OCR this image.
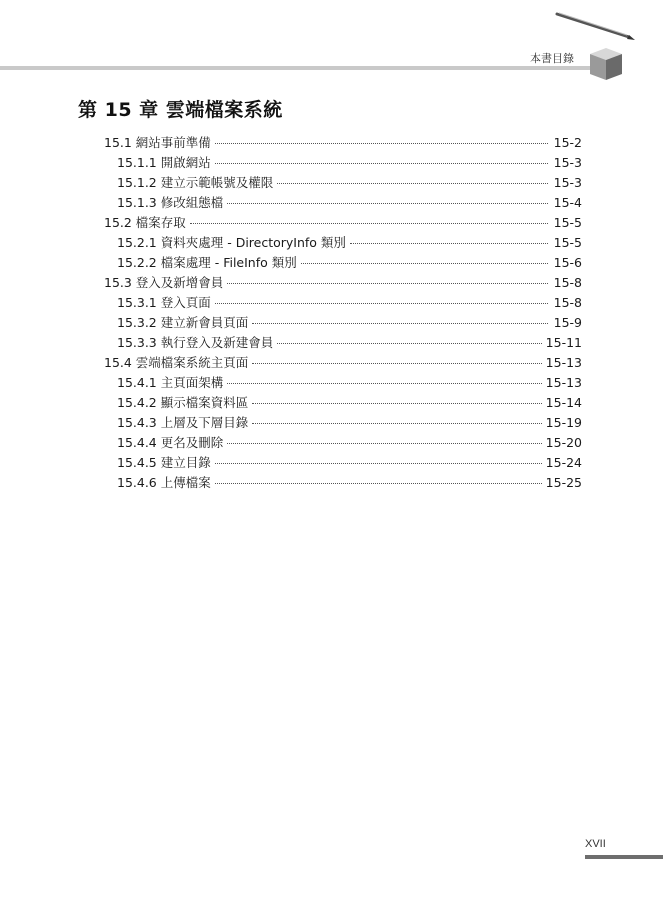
本書目錄
第 15 章 雲端檔案系統
15.1 網站事前準備	15-2
15.1.1 開啟網站	15-3
15.1.2 建立示範帳號及權限	15-3
15.1.3 修改組態檔	15-4
15.2 檔案存取	15-5
15.2.1 資料夾處理 - DirectoryInfo 類別	15-5
15.2.2 檔案處理 - FileInfo 類別	15-6
15.3 登入及新增會員	15-8
15.3.1 登入頁面	15-8
15.3.2 建立新會員頁面	15-9
15.3.3 執行登入及新建會員	15-11
15.4 雲端檔案系統主頁面	15-13
15.4.1 主頁面架構	15-13
15.4.2 顯示檔案資料區	15-14
15.4.3 上層及下層目錄	15-19
15.4.4 更名及刪除	15-20
15.4.5 建立目錄	15-24
15.4.6 上傳檔案	15-25
XVII
